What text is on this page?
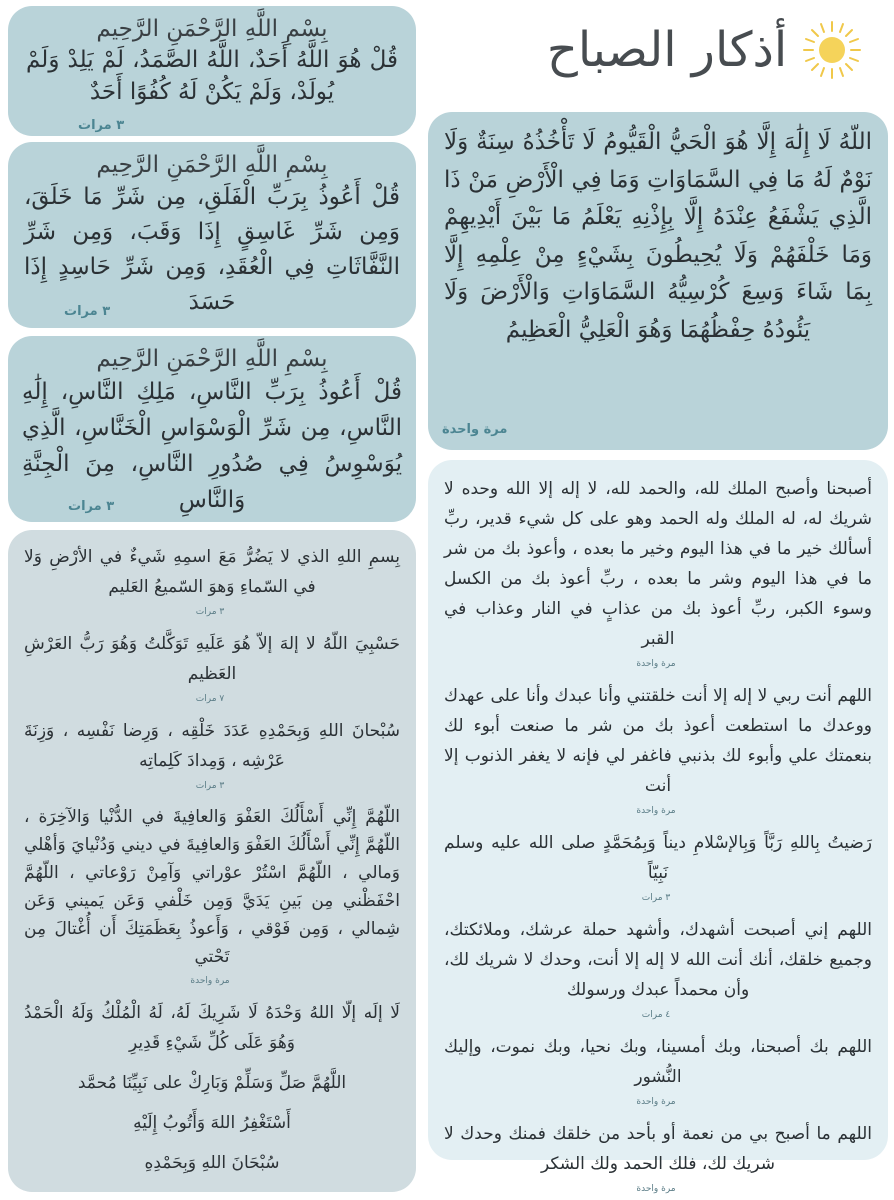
أذكار الصباح
بِسْمِ اللَّهِ الرَّحْمَنِ الرَّحِيم
قُلْ هُوَ اللَّهُ أَحَدٌ، اللَّهُ الصَّمَدُ، لَمْ يَلِدْ وَلَمْ يُولَدْ، وَلَمْ يَكُنْ لَهُ كُفُوًا أَحَدٌ
٣ مرات
بِسْمِ اللَّهِ الرَّحْمَنِ الرَّحِيم
قُلْ أَعُوذُ بِرَبِّ الْفَلَقِ، مِن شَرِّ مَا خَلَقَ، وَمِن شَرِّ غَاسِقٍ إِذَا وَقَبَ، وَمِن شَرِّ النَّفَّاثَاتِ فِي الْعُقَدِ، وَمِن شَرِّ حَاسِدٍ إِذَا حَسَدَ
٣ مرات
بِسْمِ اللَّهِ الرَّحْمَنِ الرَّحِيم
قُلْ أَعُوذُ بِرَبِّ النَّاسِ، مَلِكِ النَّاسِ، إِلَٰهِ النَّاسِ، مِن شَرِّ الْوَسْوَاسِ الْخَنَّاسِ، الَّذِي يُوَسْوِسُ فِي صُدُورِ النَّاسِ، مِنَ الْجِنَّةِ وَالنَّاسِ
٣ مرات
اللّهُ لَا إِلَٰهَ إِلَّا هُوَ الْحَيُّ الْقَيُّومُ لَا تَأْخُذُهُ سِنَةٌ وَلَا نَوْمٌ لَهُ مَا فِي السَّمَاوَاتِ وَمَا فِي الْأَرْضِ مَنْ ذَا الَّذِي يَشْفَعُ عِنْدَهُ إِلَّا بِإِذْنِهِ يَعْلَمُ مَا بَيْنَ أَيْدِيهِمْ وَمَا خَلْفَهُمْ وَلَا يُحِيطُونَ بِشَيْءٍ مِنْ عِلْمِهِ إِلَّا بِمَا شَاءَ وَسِعَ كُرْسِيُّهُ السَّمَاوَاتِ وَالْأَرْضَ وَلَا يَئُودُهُ حِفْظُهُمَا وَهُوَ الْعَلِيُّ الْعَظِيمُ
مرة واحدة
بِسمِ اللهِ الذي لا يَضُرُّ مَعَ اسمِهِ شَيءٌ في الأرْضِ وَلا في السّماءِ وَهوَ السّميعُ العَليم
٣ مرات
حَسْبِيَ اللّهُ لا إلهَ إلاّ هُوَ عَلَيهِ تَوَكَّلتُ وَهُوَ رَبُّ العَرْشِ العَظيم
٧ مرات
سُبْحانَ اللهِ وَبِحَمْدِهِ عَدَدَ خَلْقِه ، وَرِضا نَفْسِه ، وَزِنَةَ عَرْشِه ، وَمِدادَ كَلِماتِه
٣ مرات
اللّهُمَّ إِنِّي أَسْأَلُكَ العَفْوَ وَالعافِيةَ في الدُّنْيا وَالآخِرَة ، اللّهُمَّ إِنِّي أَسْأَلُكَ العَفْوَ وَالعافِيةَ في ديني وَدُنْيايَ وَأهْلي وَمالي ، اللّهُمَّ اسْتُرْ عوْراتي وَآمِنْ رَوْعاتي ، اللّهُمَّ احْفَظْني مِن بَينِ يَدَيَّ وَمِن خَلْفي وَعَن يَميني وَعَن شِمالي ، وَمِن فَوْقي ، وَأَعوذُ بِعَظَمَتِكَ أَن أُغْتالَ مِن تَحْتي
مرة واحدة
لَا إلَه إلّا اللهُ وَحْدَهُ لَا شَرِيكَ لَهُ، لَهُ الْمُلْكُ وَلَهُ الْحَمْدُ وَهُوَ عَلَى كُلِّ شَيْءِ قَدِيرِ
اللَّهُمَّ صَلِّ وَسَلِّمْ وَبَارِكْ على نَبِيِّنَا مُحمَّد
أَسْتَغْفِرُ اللهَ وَأَتُوبُ إِلَيْهِ
سُبْحَانَ اللهِ وَبِحَمْدِهِ
أصبحنا وأصبح الملك لله، والحمد لله، لا إله إلا الله وحده لا شريك له، له الملك وله الحمد وهو على كل شيء قدير، ربِّ أسألك خير ما في هذا اليوم وخير ما بعده ، وأعوذ بك من شر ما في هذا اليوم وشر ما بعده ، ربِّ أعوذ بك من الكسل وسوء الكبر، ربِّ أعوذ بك من عذابٍ في النار وعذاب في القبر
مرة واحدة
اللهم أنت ربي لا إله إلا أنت خلقتني وأنا عبدك وأنا على عهدك ووعدك ما استطعت أعوذ بك من شر ما صنعت أبوء لك بنعمتك علي وأبوء لك بذنبي فاغفر لي فإنه لا يغفر الذنوب إلا أنت
مرة واحدة
رَضيتُ بِاللهِ رَبَّاً وَبِالإسْلامِ ديناً وَبِمُحَمَّدٍ صلى الله عليه وسلم نَبِيّاً
٣ مرات
اللهم إني أصبحت أشهدك، وأشهد حملة عرشك، وملائكتك، وجميع خلقك، أنك أنت الله لا إله إلا أنت، وحدك لا شريك لك، وأن محمداً عبدك ورسولك
٤ مرات
اللهم بك أصبحنا، وبك أمسينا، وبك نحيا، وبك نموت، وإليك النُّشور
مرة واحدة
اللهم ما أصبح بي من نعمة أو بأحد من خلقك فمنك وحدك لا شريك لك، فلك الحمد ولك الشكر
مرة واحدة
